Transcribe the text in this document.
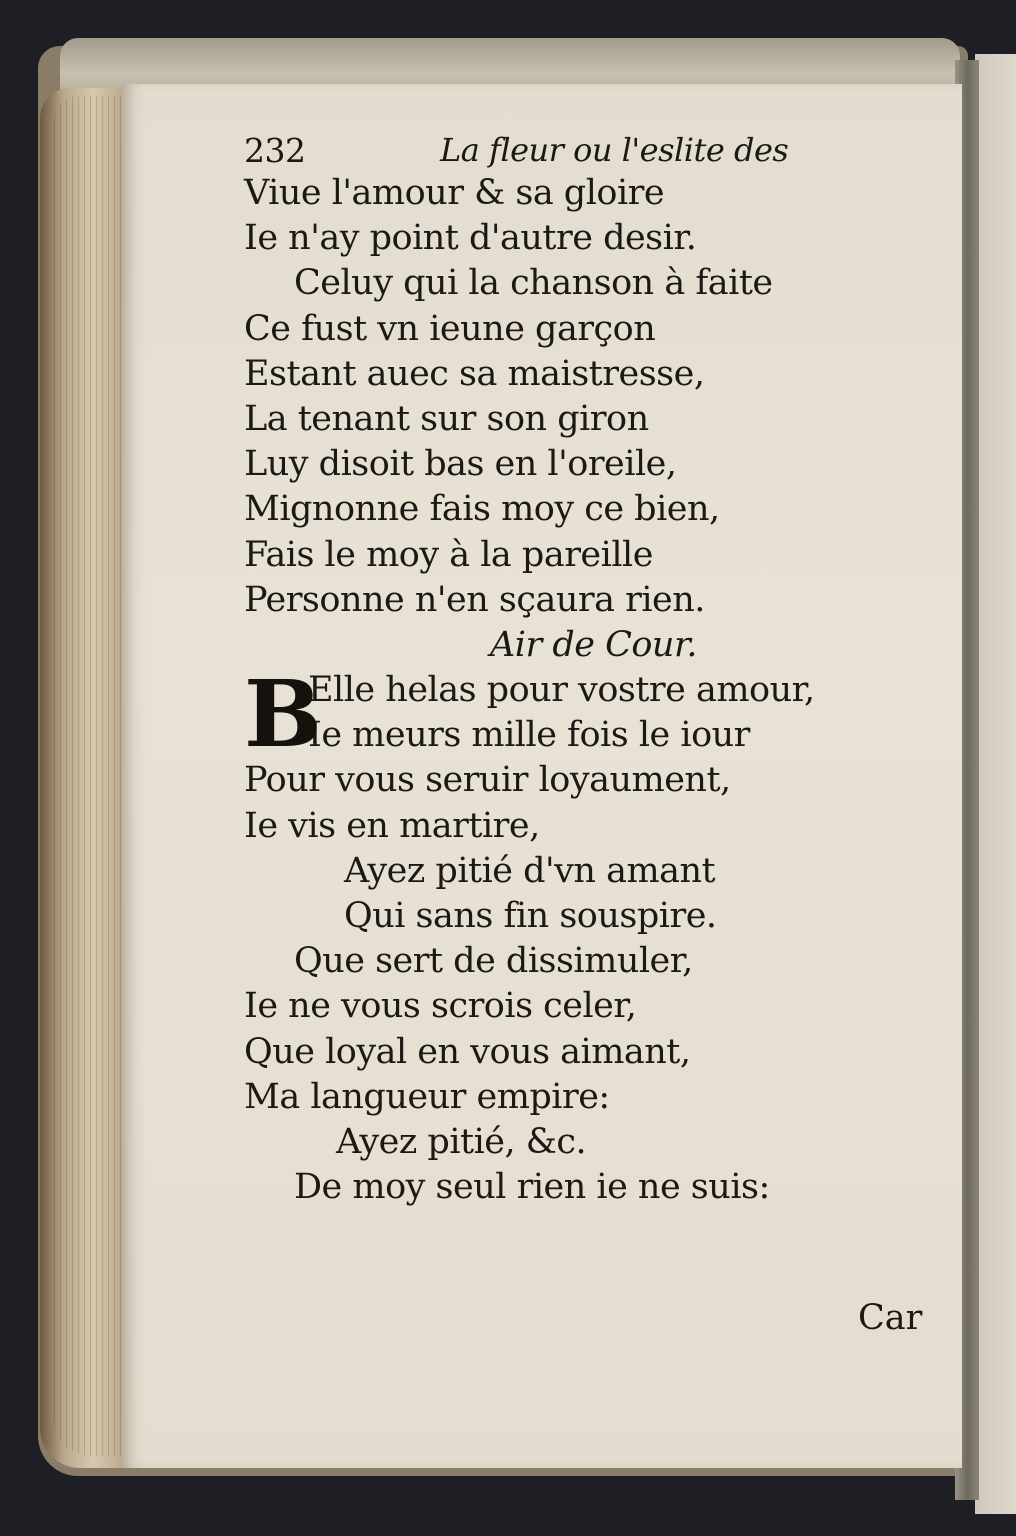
232	La fleur ou l'eslite des
Viue l'amour & sa gloire
Ie n'ay point d'autre desir.
Celuy qui la chanson à faite
Ce fust vn ieune garçon
Estant auec sa maistresse,
La tenant sur son giron
Luy disoit bas en l'oreile,
Mignonne fais moy ce bien,
Fais le moy à la pareille
Personne n'en sçaura rien.
Air de Cour.
B
Elle helas pour vostre amour,
Ie meurs mille fois le iour
Pour vous seruir loyaument,
Ie vis en martire,
Ayez pitié d'vn amant
Qui sans fin souspire.
Que sert de dissimuler,
Ie ne vous scrois celer,
Que loyal en vous aimant,
Ma langueur empire:
Ayez pitié, &c.
De moy seul rien ie ne suis:
Car
